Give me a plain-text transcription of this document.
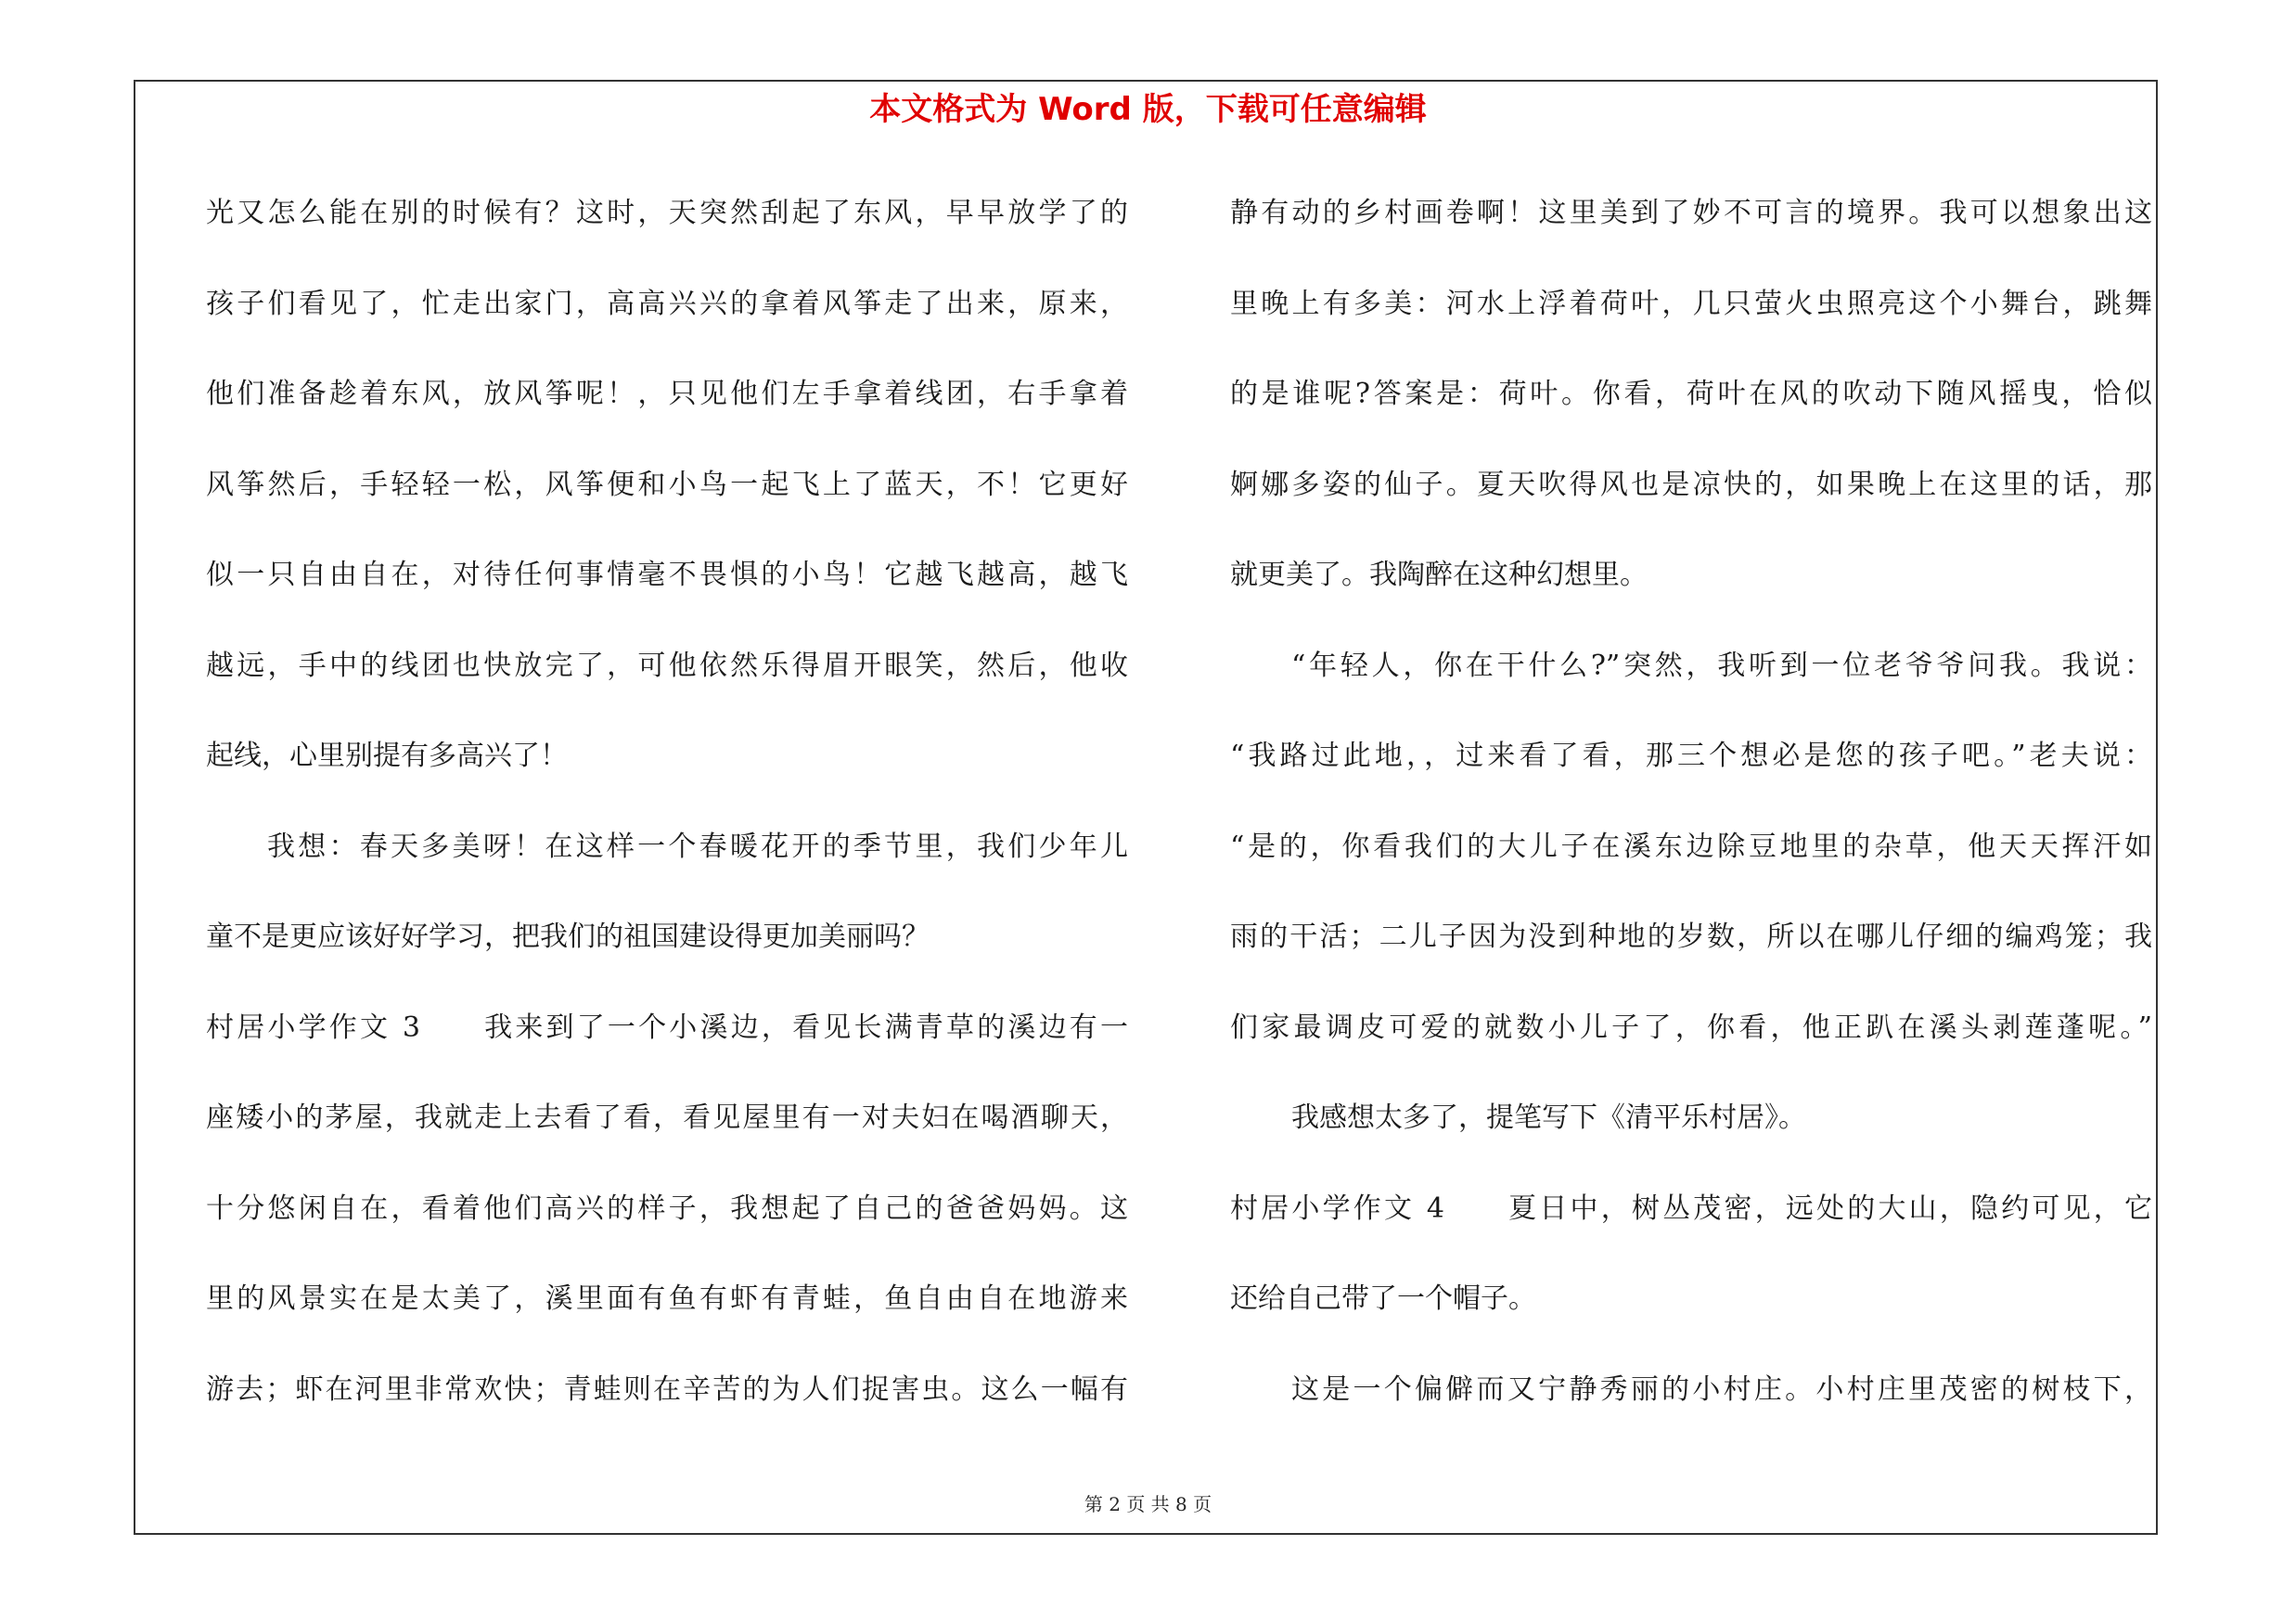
本文格式为 Word 版，下载可任意编辑
光又怎么能在别的时候有？这时，天突然刮起了东风，早早放学了的
孩子们看见了，忙走出家门，高高兴兴的拿着风筝走了出来，原来，
他们准备趁着东风，放风筝呢！，只见他们左手拿着线团，右手拿着
风筝然后，手轻轻一松，风筝便和小鸟一起飞上了蓝天，不！它更好
似一只自由自在，对待任何事情毫不畏惧的小鸟！它越飞越高，越飞
越远，手中的线团也快放完了，可他依然乐得眉开眼笑，然后，他收
起线，心里别提有多高兴了！
我想：春天多美呀！在这样一个春暖花开的季节里，我们少年儿
童不是更应该好好学习，把我们的祖国建设得更加美丽吗？
村居小学作文 3 我来到了一个小溪边，看见长满青草的溪边有一
座矮小的茅屋，我就走上去看了看，看见屋里有一对夫妇在喝酒聊天，
十分悠闲自在，看着他们高兴的样子，我想起了自己的爸爸妈妈。这
里的风景实在是太美了，溪里面有鱼有虾有青蛙，鱼自由自在地游来
游去；虾在河里非常欢快；青蛙则在辛苦的为人们捉害虫。这么一幅有
静有动的乡村画卷啊！这里美到了妙不可言的境界。我可以想象出这
里晚上有多美：河水上浮着荷叶，几只萤火虫照亮这个小舞台，跳舞
的是谁呢?答案是：荷叶。你看，荷叶在风的吹动下随风摇曳，恰似
婀娜多姿的仙子。夏天吹得风也是凉快的，如果晚上在这里的话，那
就更美了。我陶醉在这种幻想里。
“年轻人，你在干什么?”突然，我听到一位老爷爷问我。我说：
“我路过此地，，过来看了看，那三个想必是您的孩子吧。”老夫说：
“是的，你看我们的大儿子在溪东边除豆地里的杂草，他天天挥汗如
雨的干活；二儿子因为没到种地的岁数，所以在哪儿仔细的编鸡笼；我
们家最调皮可爱的就数小儿子了，你看，他正趴在溪头剥莲蓬呢。”
我感想太多了，提笔写下《清平乐村居》。
村居小学作文 4 夏日中，树丛茂密，远处的大山，隐约可见，它
还给自己带了一个帽子。
这是一个偏僻而又宁静秀丽的小村庄。小村庄里茂密的树枝下，
第 2 页 共 8 页
